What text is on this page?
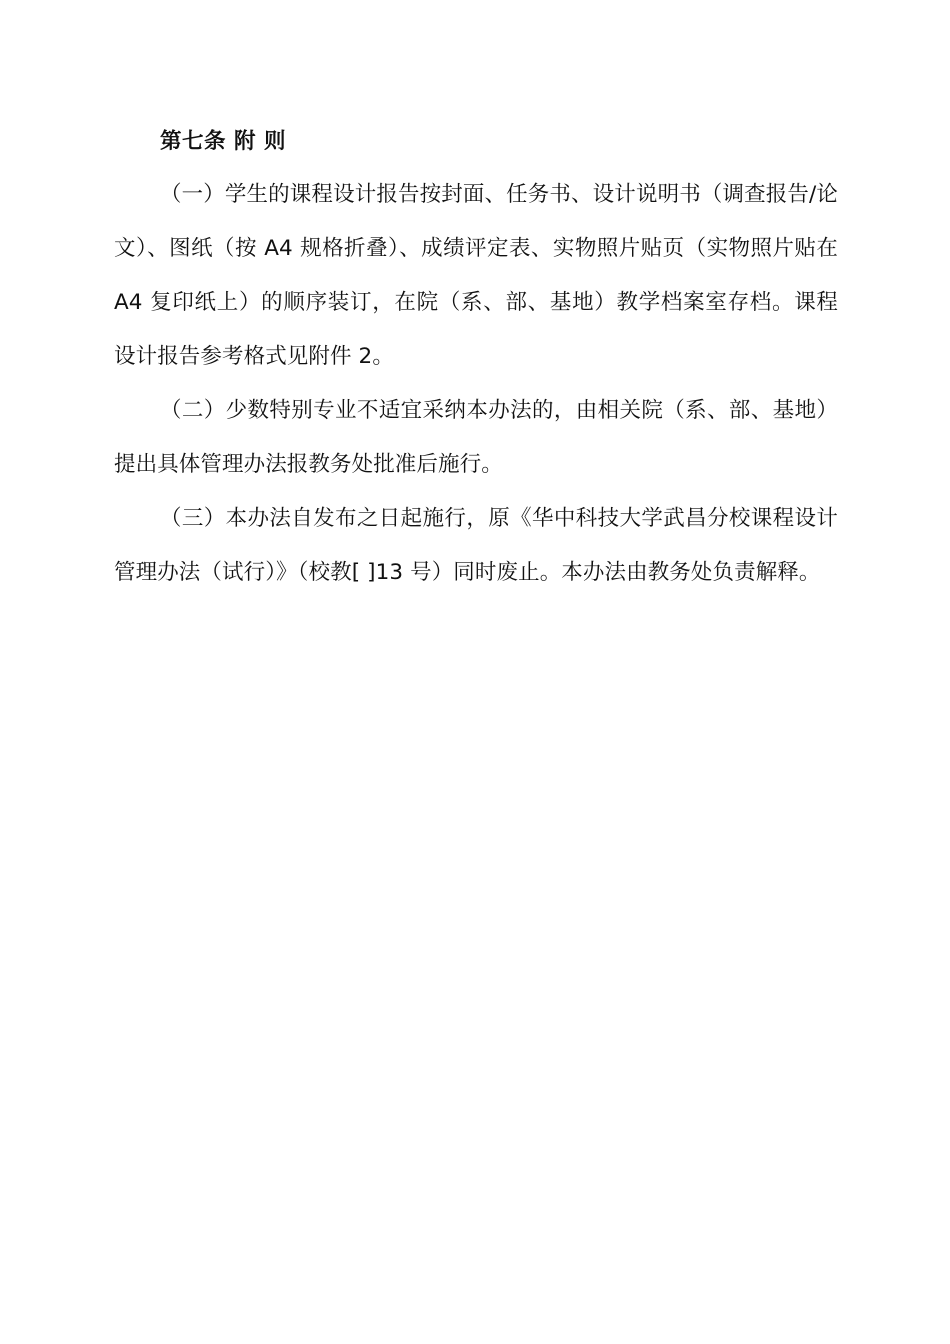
第七条 附 则

（一）学生的课程设计报告按封面、任务书、设计说明书（调查报告/论文）、图纸（按 A4 规格折叠）、成绩评定表、实物照片贴页（实物照片贴在 A4 复印纸上）的顺序装订，在院（系、部、基地）教学档案室存档。课程设计报告参考格式见附件 2。

（二）少数特别专业不适宜采纳本办法的，由相关院（系、部、基地）提出具体管理办法报教务处批准后施行。

（三）本办法自发布之日起施行，原《华中科技大学武昌分校课程设计管理办法（试行）》（校教[ ]13 号）同时废止。本办法由教务处负责解释。
